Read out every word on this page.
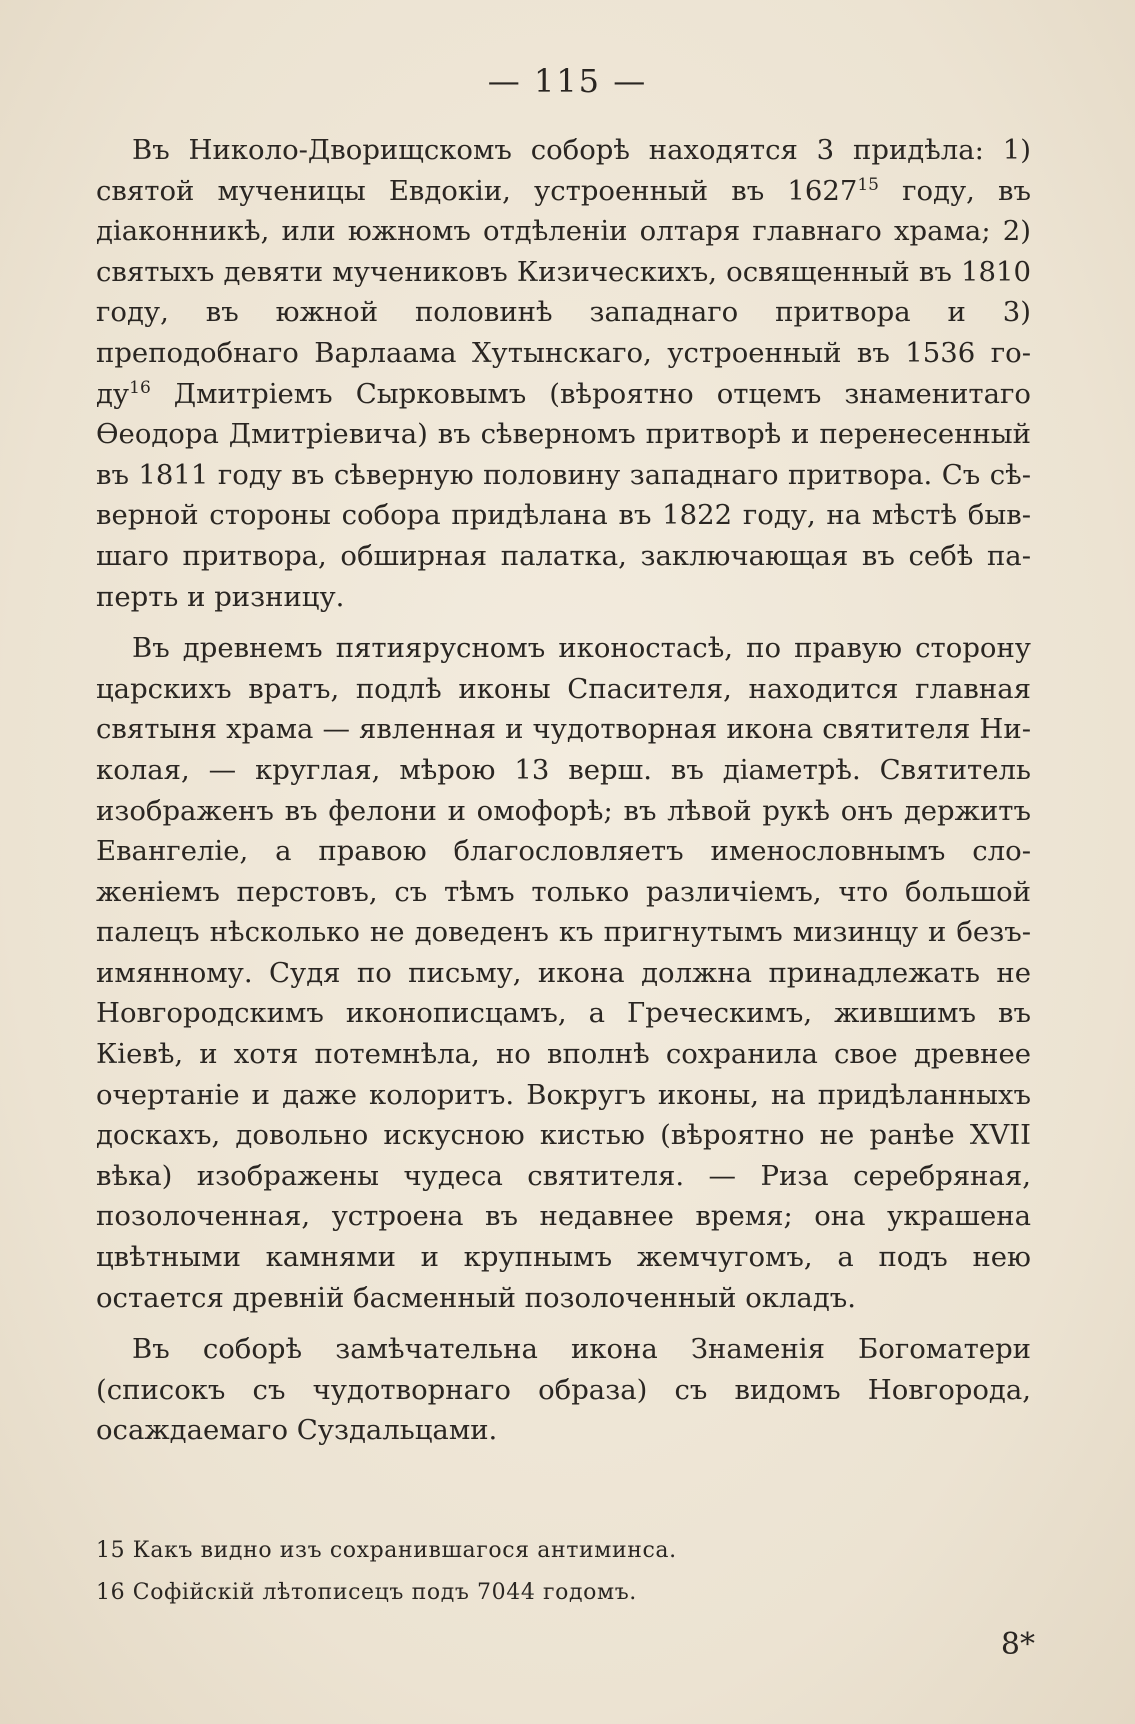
— 115 —

Въ Николо-Дворищскомъ соборѣ находятся 3 придѣла: 1) святой мученицы Евдокіи, устроенный въ 1627$^{15}$ году, въ діаконникѣ, или южномъ отдѣленіи олтаря главнаго храма; 2) святыхъ девяти мучениковъ Кизическихъ, освященный въ 1810 году, въ южной половинѣ западнаго притвора и 3) преподобнаго Варлаама Хутынскаго, устроенный въ 1536 году$^{16}$ Дмитріемъ Сырковымъ (вѣроятно отцемъ знаменитаго Ѳеодора Дмитріевича) въ сѣверномъ притворѣ и перенесенный въ 1811 году въ сѣверную половину западнаго притвора. Съ сѣверной стороны собора придѣлана въ 1822 году, на мѣстѣ бывшаго притвора, обширная палатка, заключающая въ себѣ паперть и ризницу.

Въ древнемъ пятиярусномъ иконостасѣ, по правую сторону царскихъ вратъ, подлѣ иконы Спасителя, находится главная святыня храма — явленная и чудотворная икона святителя Николая, — круглая, мѣрою 13 верш. въ діаметрѣ. Святитель изображенъ въ фелони и омофорѣ; въ лѣвой рукѣ онъ держитъ Евангеліе, а правою благословляетъ именословнымъ сложеніемъ перстовъ, съ тѣмъ только различіемъ, что большой палецъ нѣсколько не доведенъ къ пригнутымъ мизинцу и безъимянному. Судя по письму, икона должна принадлежать не Новгородскимъ иконописцамъ, а Греческимъ, жившимъ въ Кіевѣ, и хотя потемнѣла, но вполнѣ сохранила свое древнее очертаніе и даже колоритъ. Вокругъ иконы, на придѣланныхъ доскахъ, довольно искусною кистью (вѣроятно не ранѣе XVII вѣка) изображены чудеса святителя. — Риза серебряная, позолоченная, устроена въ недавнее время; она украшена цвѣтными камнями и крупнымъ жемчугомъ, а подъ нею остается древній басменный позолоченный окладъ.

Въ соборѣ замѣчательна икона Знаменія Богоматери (списокъ съ чудотворнаго образа) съ видомъ Новгорода, осаждаемаго Суздальцами.

15 Какъ видно изъ сохранившагося антиминса.
16 Софійскій лѣтописецъ подъ 7044 годомъ.
8*
